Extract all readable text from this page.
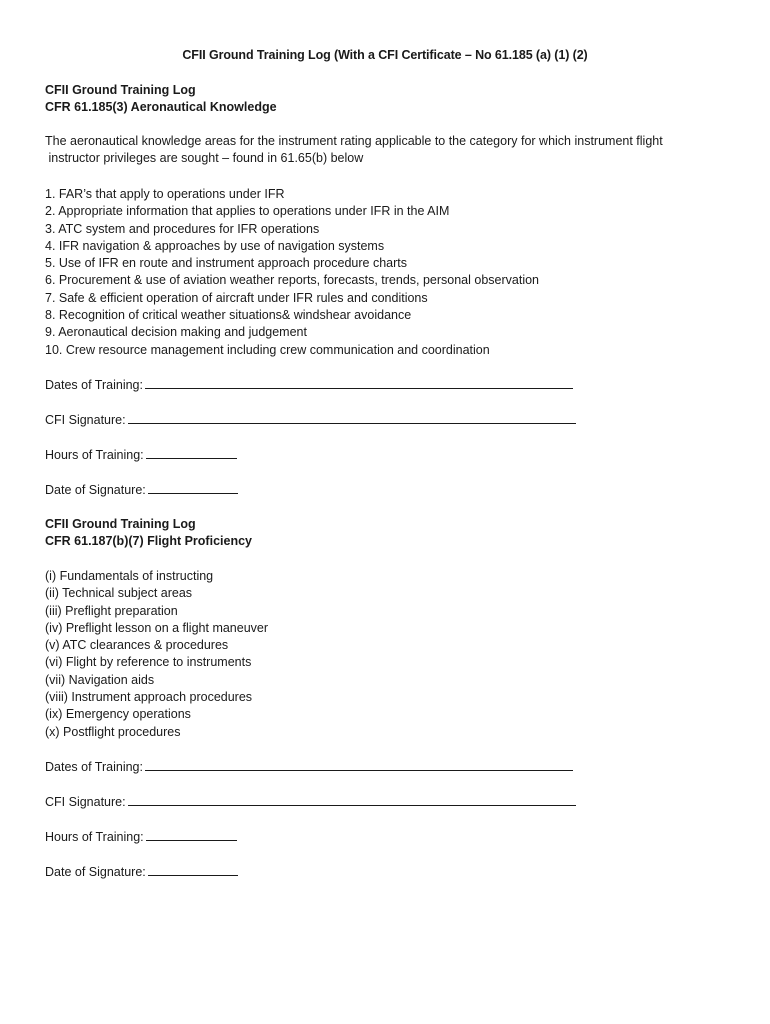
CFII Ground Training Log (With a CFI Certificate – No 61.185 (a) (1) (2)
CFII Ground Training Log
CFR 61.185(3) Aeronautical Knowledge
The aeronautical knowledge areas for the instrument rating applicable to the category for which instrument flight
instructor privileges are sought – found in 61.65(b) below
1. FAR’s that apply to operations under IFR
2. Appropriate information that applies to operations under IFR in the AIM
3. ATC system and procedures for IFR operations
4. IFR navigation & approaches by use of navigation systems
5. Use of IFR en route and instrument approach procedure charts
6. Procurement & use of aviation weather reports, forecasts, trends, personal observation
7. Safe & efficient operation of aircraft under IFR rules and conditions
8. Recognition of critical weather situations& windshear avoidance
9. Aeronautical decision making and judgement
10. Crew resource management including crew communication and coordination
Dates of Training:
CFI Signature:
Hours of Training:
Date of Signature:
CFII Ground Training Log
CFR 61.187(b)(7) Flight Proficiency
(i) Fundamentals of instructing
(ii) Technical subject areas
(iii) Preflight preparation
(iv) Preflight lesson on a flight maneuver
(v) ATC clearances & procedures
(vi) Flight by reference to instruments
(vii) Navigation aids
(viii) Instrument approach procedures
(ix) Emergency operations
(x) Postflight procedures
Dates of Training:
CFI Signature:
Hours of Training:
Date of Signature:
